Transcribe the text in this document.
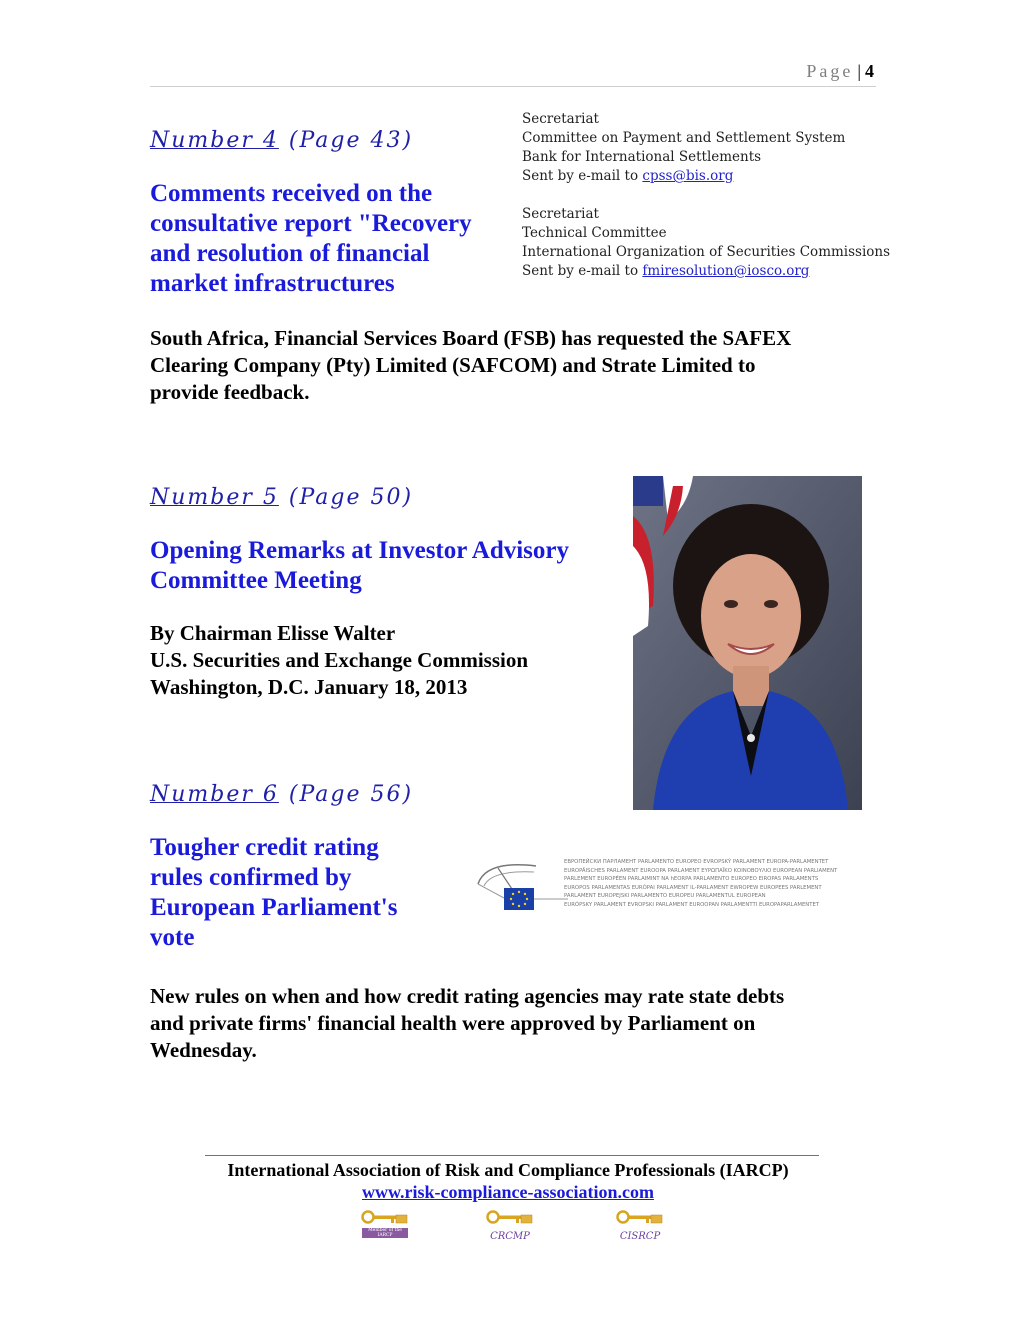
Page | 4
Number 4 (Page 43)
Comments received on the
consultative report "Recovery
and resolution of financial
market infrastructures
Secretariat
Committee on Payment and Settlement System
Bank for International Settlements
Sent by e-mail to cpss@bis.org
Secretariat
Technical Committee
International Organization of Securities Commissions
Sent by e-mail to fmiresolution@iosco.org
South Africa, Financial Services Board (FSB) has requested the SAFEX
Clearing Company (Pty) Limited (SAFCOM) and Strate Limited to
provide feedback.
Number 5 (Page 50)
Opening Remarks at Investor Advisory
Committee Meeting
By Chairman Elisse Walter
U.S. Securities and Exchange Commission
Washington, D.C. January 18, 2013
Number 6 (Page 56)
Tougher credit rating
rules confirmed by
European Parliament's
vote
ЕВРОПЕЙСКИ ПАРЛАМЕНТ PARLAMENTO EUROPEO EVROPSKÝ PARLAMENT EUROPA-PARLAMENTET
EUROPÄISCHES PARLAMENT EUROOPA PARLAMENT ΕΥΡΩΠΑΪΚΟ ΚΟΙΝΟΒΟΥΛΙΟ EUROPEAN PARLIAMENT
PARLEMENT EUROPÉEN PARLAIMINT NA hEORPA PARLAMENTO EUROPEO EIROPAS PARLAMENTS
EUROPOS PARLAMENTAS EURÓPAI PARLAMENT IL-PARLAMENT EWROPEW EUROPEES PARLEMENT
PARLAMENT EUROPEJSKI PARLAMENTO EUROPEU PARLAMENTUL EUROPEAN
EURÓPSKY PARLAMENT EVROPSKI PARLAMENT EUROOPAN PARLAMENTTI EUROPAPARLAMENTET
New rules on when and how credit rating agencies may rate state debts
and private firms' financial health were approved by Parliament on
Wednesday.
International Association of Risk and Compliance Professionals (IARCP)
www.risk-compliance-association.com
Member of the IARCP	CRCMP	CISRCP
